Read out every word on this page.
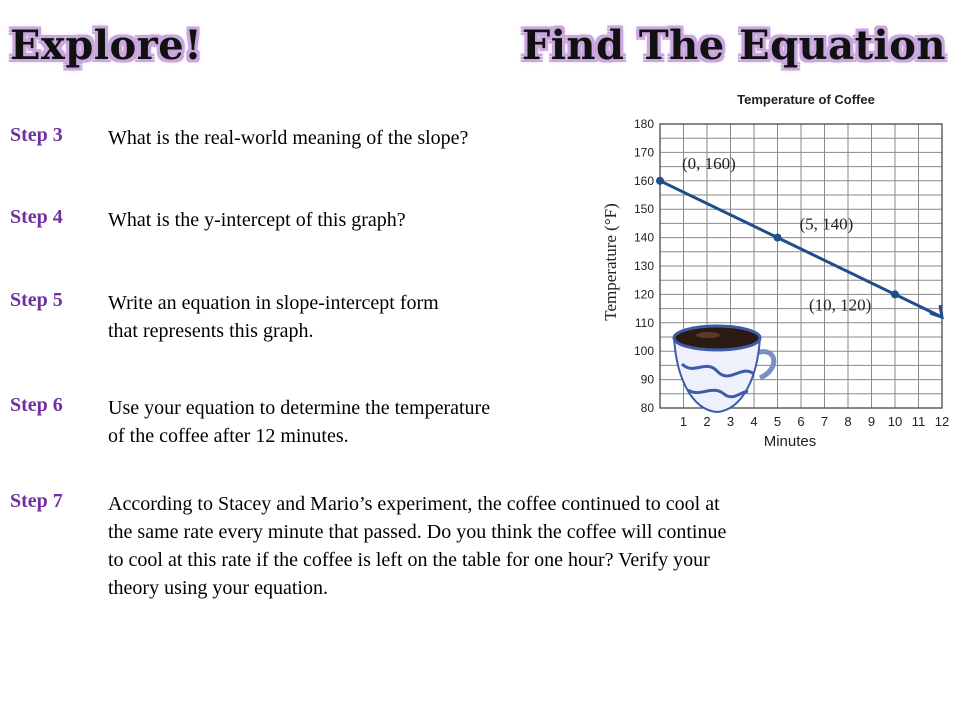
Explore!	Find The Equation
Step 3 What is the real-world meaning of the slope?
Step 4 What is the y-intercept of this graph?
Step 5 Write an equation in slope-intercept form
that represents this graph.
Step 6 Use your equation to determine the temperature
of the coffee after 12 minutes.
Step 7 According to Stacey and Mario’s experiment, the coffee continued to cool at
the same rate every minute that passed. Do you think the coffee will continue
to cool at this rate if the coffee is left on the table for one hour? Verify your
theory using your equation.
Temperature of Coffee
1 2 3 4 5 6 7 8 9 10 11 12
80
90
100
110
120
130
140
150
160
170
180
(0, 160)
(5, 140)
(10, 120)
Minutes
Temperature (°F)
